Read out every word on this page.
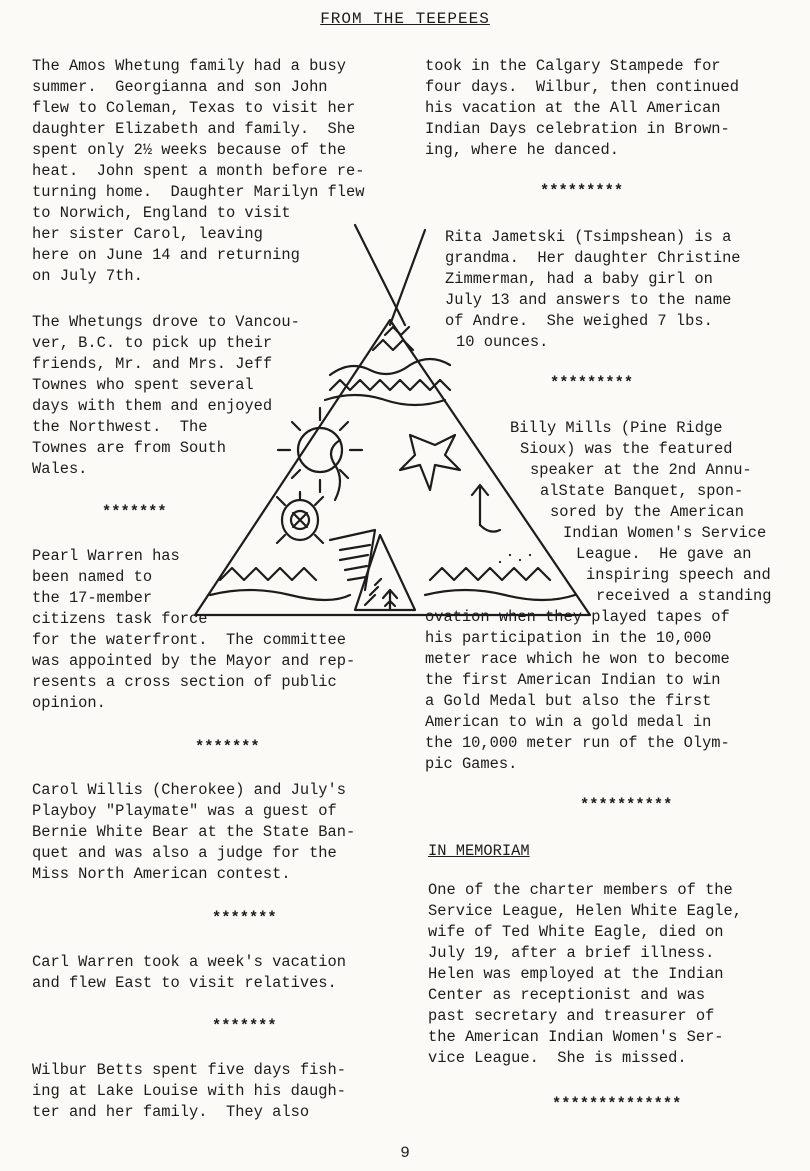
FROM THE TEEPEES
The Amos Whetung family had a busy
summer.  Georgianna and son John
flew to Coleman, Texas to visit her
daughter Elizabeth and family.  She
spent only 2½ weeks because of the
heat.  John spent a month before re-
turning home.  Daughter Marilyn flew
to Norwich, England to visit
her sister Carol, leaving
here on June 14 and returning
on July 7th.
The Whetungs drove to Vancou-
ver, B.C. to pick up their
friends, Mr. and Mrs. Jeff
Townes who spent several
days with them and enjoyed
the Northwest.  The
Townes are from South
Wales.
*******
Pearl Warren has
been named to
the 17-member
citizens task force
for the waterfront.  The committee
was appointed by the Mayor and rep-
resents a cross section of public
opinion.
*******
Carol Willis (Cherokee) and July's
Playboy "Playmate" was a guest of
Bernie White Bear at the State Ban-
quet and was also a judge for the
Miss North American contest.
*******
Carl Warren took a week's vacation
and flew East to visit relatives.
*******
Wilbur Betts spent five days fish-
ing at Lake Louise with his daugh-
ter and her family.  They also
took in the Calgary Stampede for
four days.  Wilbur, then continued
his vacation at the All American
Indian Days celebration in Brown-
ing, where he danced.
*********
Rita Jametski (Tsimpshean) is a
grandma.  Her daughter Christine
Zimmerman, had a baby girl on
July 13 and answers to the name
of Andre.  She weighed 7 lbs.
10 ounces.
*********
Billy Mills (Pine Ridge
Sioux) was the featured
speaker at the 2nd Annu-
alState Banquet, spon-
sored by the American
Indian Women's Service
League.  He gave an
inspiring speech and
received a standing
ovation when they played tapes of
his participation in the 10,000
meter race which he won to become
the first American Indian to win
a Gold Medal but also the first
American to win a gold medal in
the 10,000 meter run of the Olym-
pic Games.
**********
IN MEMORIAM
One of the charter members of the
Service League, Helen White Eagle,
wife of Ted White Eagle, died on
July 19, after a brief illness.
Helen was employed at the Indian
Center as receptionist and was
past secretary and treasurer of
the American Indian Women's Ser-
vice League.  She is missed.
**************
9
